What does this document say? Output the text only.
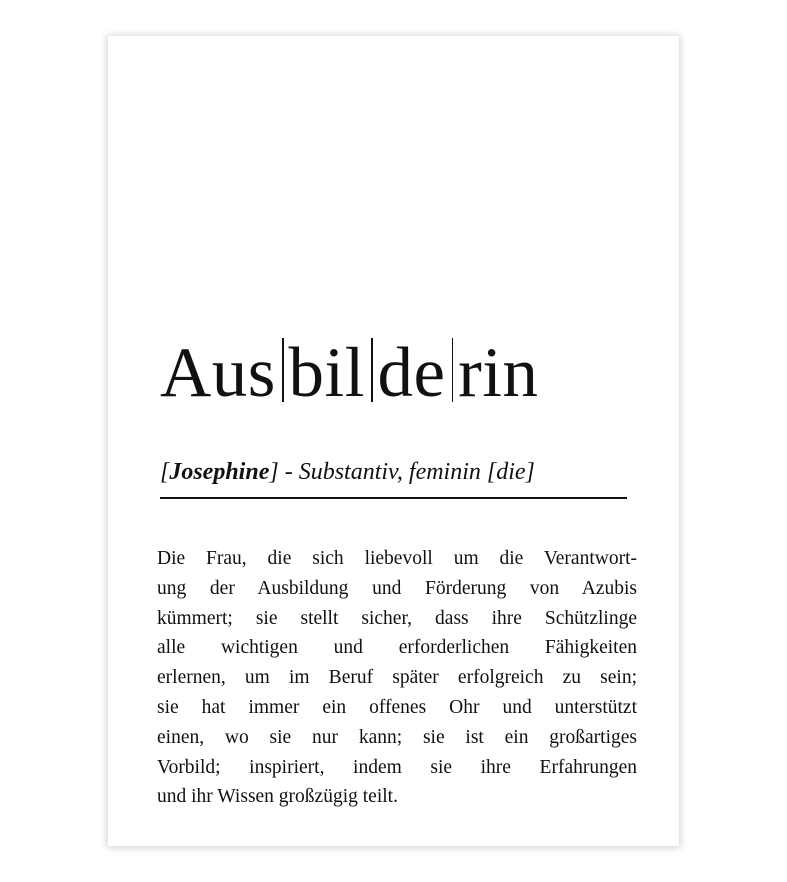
Aus bil de rin
[Josephine] - Substantiv, feminin [die]

Die Frau, die sich liebevoll um die Verantwort-
ung der Ausbildung und Förderung von Azubis
kümmert; sie stellt sicher, dass ihre Schützlinge
alle wichtigen und erforderlichen Fähigkeiten
erlernen, um im Beruf später erfolgreich zu sein;
sie hat immer ein offenes Ohr und unterstützt
einen, wo sie nur kann; sie ist ein großartiges
Vorbild; inspiriert, indem sie ihre Erfahrungen
und ihr Wissen großzügig teilt.
